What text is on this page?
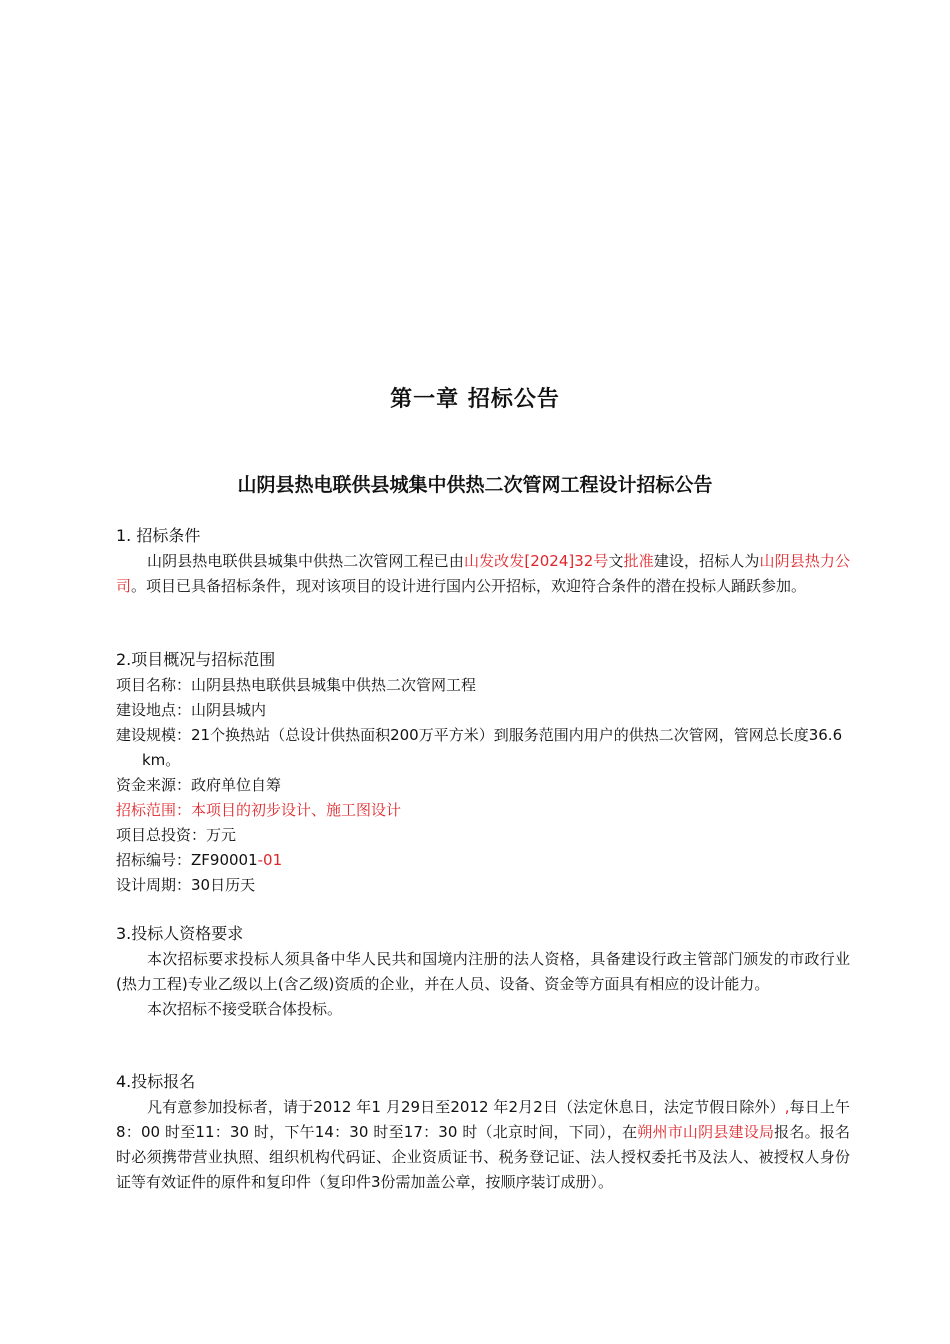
第一章 招标公告
山阴县热电联供县城集中供热二次管网工程设计招标公告
1. 招标条件
山阴县热电联供县城集中供热二次管网工程已由山发改发[2024]32号文批准建设，招标人为山阴县热力公司。项目已具备招标条件，现对该项目的设计进行国内公开招标，欢迎符合条件的潜在投标人踊跃参加。
2.项目概况与招标范围
项目名称：山阴县热电联供县城集中供热二次管网工程
建设地点：山阴县城内
建设规模：21个换热站（总设计供热面积200万平方米）到服务范围内用户的供热二次管网，管网总长度36.6 km。
资金来源：政府单位自筹
招标范围：本项目的初步设计、施工图设计
项目总投资：万元
招标编号：ZF90001-01
设计周期：30日历天
3.投标人资格要求
本次招标要求投标人须具备中华人民共和国境内注册的法人资格，具备建设行政主管部门颁发的市政行业(热力工程)专业乙级以上(含乙级)资质的企业，并在人员、设备、资金等方面具有相应的设计能力。
本次招标不接受联合体投标。
4.投标报名
凡有意参加投标者，请于2012 年1 月29日至2012 年2月2日（法定休息日，法定节假日除外）,每日上午8：00 时至11：30 时，下午14：30 时至17：30 时（北京时间，下同），在朔州市山阴县建设局报名。报名时必须携带营业执照、组织机构代码证、企业资质证书、税务登记证、法人授权委托书及法人、被授权人身份证等有效证件的原件和复印件（复印件3份需加盖公章，按顺序装订成册）。
